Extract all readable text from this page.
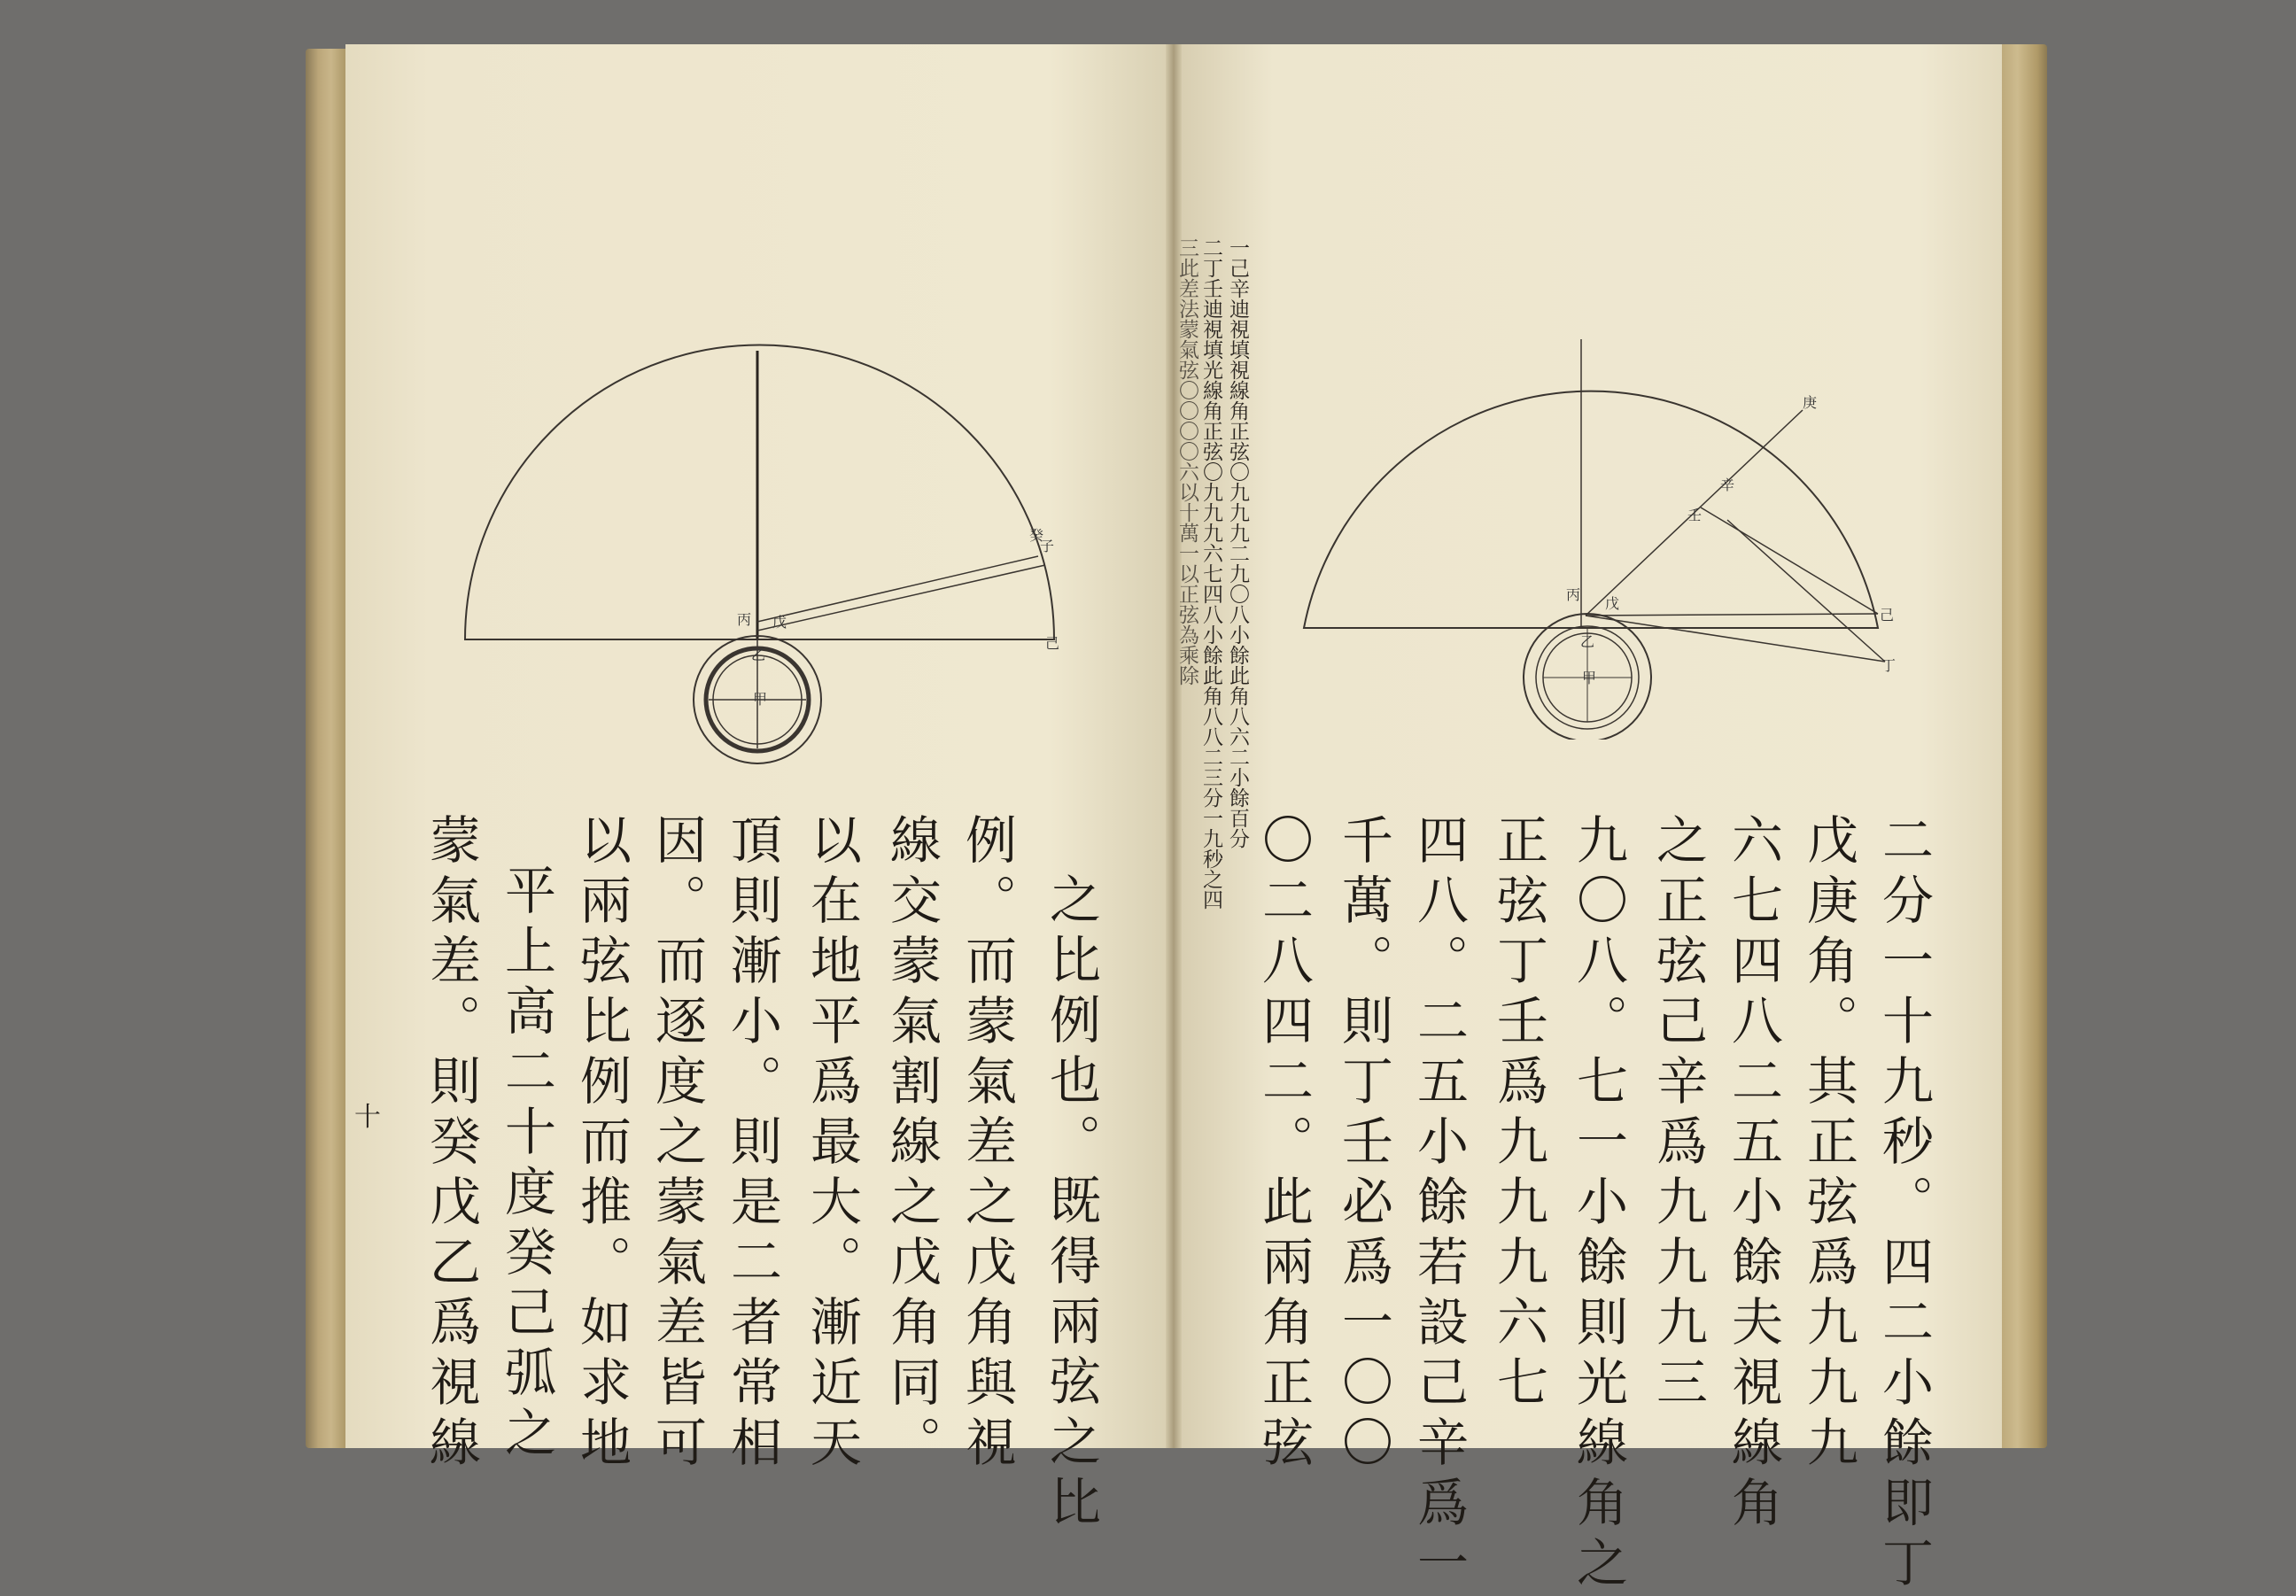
癸
子
丙 戊
乙
甲
己
之比例也。既得兩弦之比
例。而蒙氣差之戊角與視
線交蒙氣割線之戊角同。
以在地平爲最大。漸近天
頂則漸小。則是二者常相
因。而逐度之蒙氣差皆可
以兩弦比例而推。如求地
平上高二十度癸己弧之
蒙氣差。則癸戊乙爲視線
十
一己辛迪視填視線角正弦〇九九九二九〇八小餘此角八六二小餘百分
二丁壬迪視填光線角正弦〇九九九六七四八小餘此角八八二三分一九秒之四
三此差法蒙氣弦〇〇〇〇六以十萬一以正弦為乘除	庚
辛
壬
丙
戊
己
丁
乙
甲
二分一十九秒。四二小餘即丁
戊庚角。其正弦爲九九九
六七四八二五小餘夫視線角
之正弦己辛爲九九九三
九〇八。七一小餘則光線角之
正弦丁壬爲九九九六七
四八。二五小餘若設己辛爲一
千萬。則丁壬必爲一〇〇
〇二八四二。此兩角正弦
